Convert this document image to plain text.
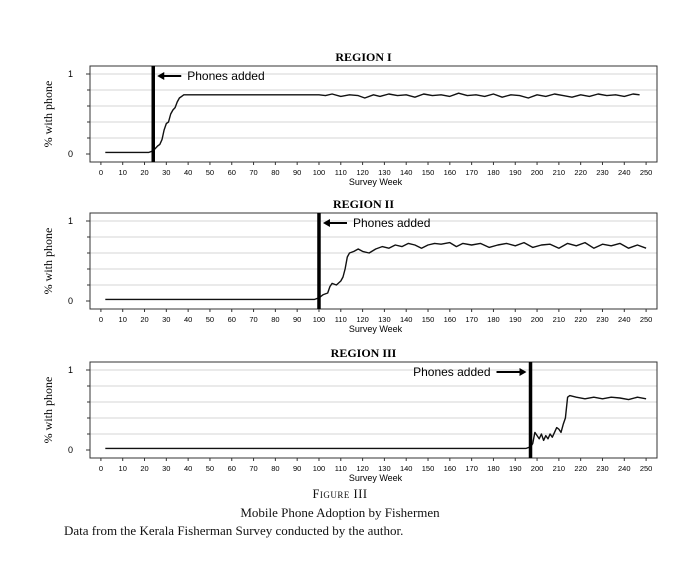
REGION I
0
1
% with phone
0 10 20 30 40 50 60 70 80 90 100 110 120 130 140 150 160 170 180 190 200 210 220 230 240 250
Survey Week
Phones added
REGION II
0
1
% with phone
0 10 20 30 40 50 60 70 80 90 100 110 120 130 140 150 160 170 180 190 200 210 220 230 240 250
Survey Week
Phones added
REGION III
0
1
% with phone
0 10 20 30 40 50 60 70 80 90 100 110 120 130 140 150 160 170 180 190 200 210 220 230 240 250
Survey Week
Phones added
Figure III
Mobile Phone Adoption by Fishermen
Data from the Kerala Fisherman Survey conducted by the author.
